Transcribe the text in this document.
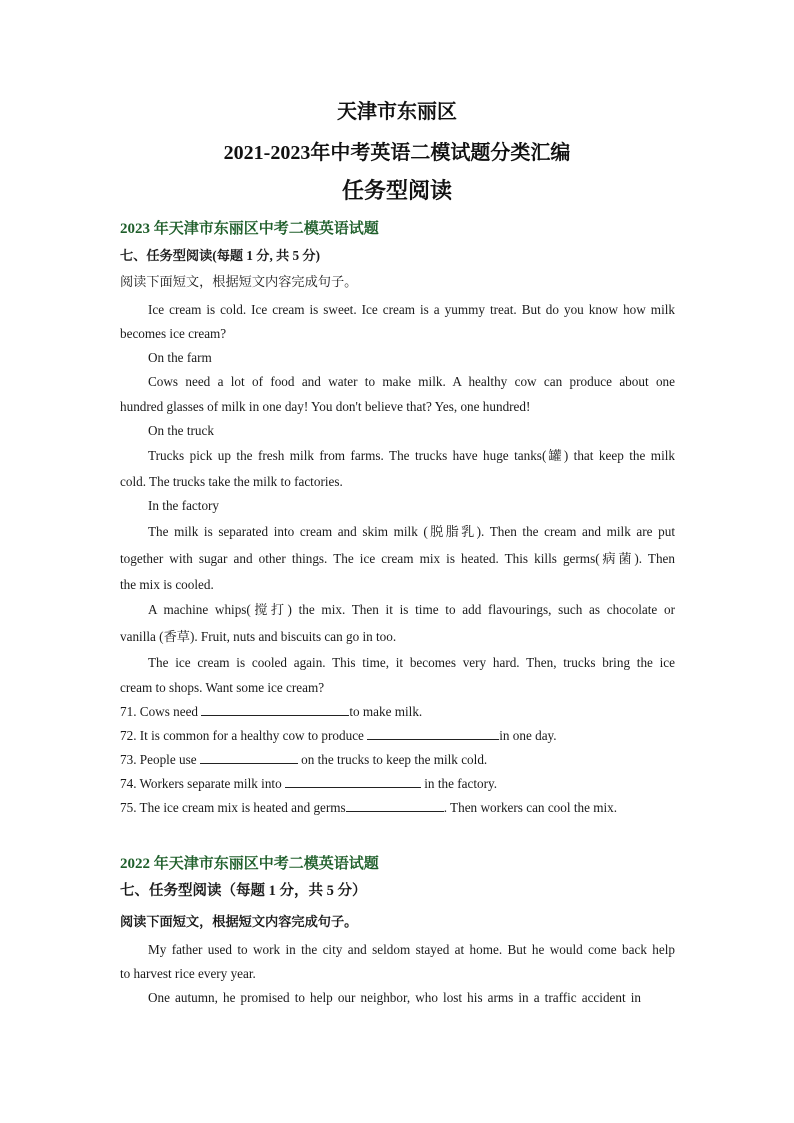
天津市东丽区
2021-2023年中考英语二模试题分类汇编
任务型阅读
2023 年天津市东丽区中考二模英语试题
七、任务型阅读(每题 1 分, 共 5 分)
阅读下面短文，根据短文内容完成句子。
Ice cream is cold. Ice cream is sweet. Ice cream is a yummy treat. But do you know how milk
becomes ice cream?
On the farm
Cows need a lot of food and water to make milk. A healthy cow can produce about one
hundred glasses of milk in one day! You don't believe that? Yes, one hundred!
On the truck
Trucks pick up the fresh milk from farms. The trucks have huge tanks(罐) that keep the milk
cold. The trucks take the milk to factories.
In the factory
The milk is separated into cream and skim milk (脱脂乳). Then the cream and milk are put
together with sugar and other things. The ice cream mix is heated. This kills germs(病菌). Then
the mix is cooled.
A machine whips(搅打) the mix. Then it is time to add flavourings, such as chocolate or
vanilla (香草). Fruit, nuts and biscuits can go in too.
The ice cream is cooled again. This time, it becomes very hard. Then, trucks bring the ice
cream to shops. Want some ice cream?
71. Cows need	to make milk.
72. It is common for a healthy cow to produce	in one day.
73. People use	on the trucks to keep the milk cold.
74. Workers separate milk into	in the factory.
75. The ice cream mix is heated and germs	. Then workers can cool the mix.
2022 年天津市东丽区中考二模英语试题
七、任务型阅读（每题 1 分，共 5 分）
阅读下面短文，根据短文内容完成句子。
My father used to work in the city and seldom stayed at home. But he would come back help
to harvest rice every year.
One autumn, he promised to help our neighbor, who lost his arms in a traffic accident in
